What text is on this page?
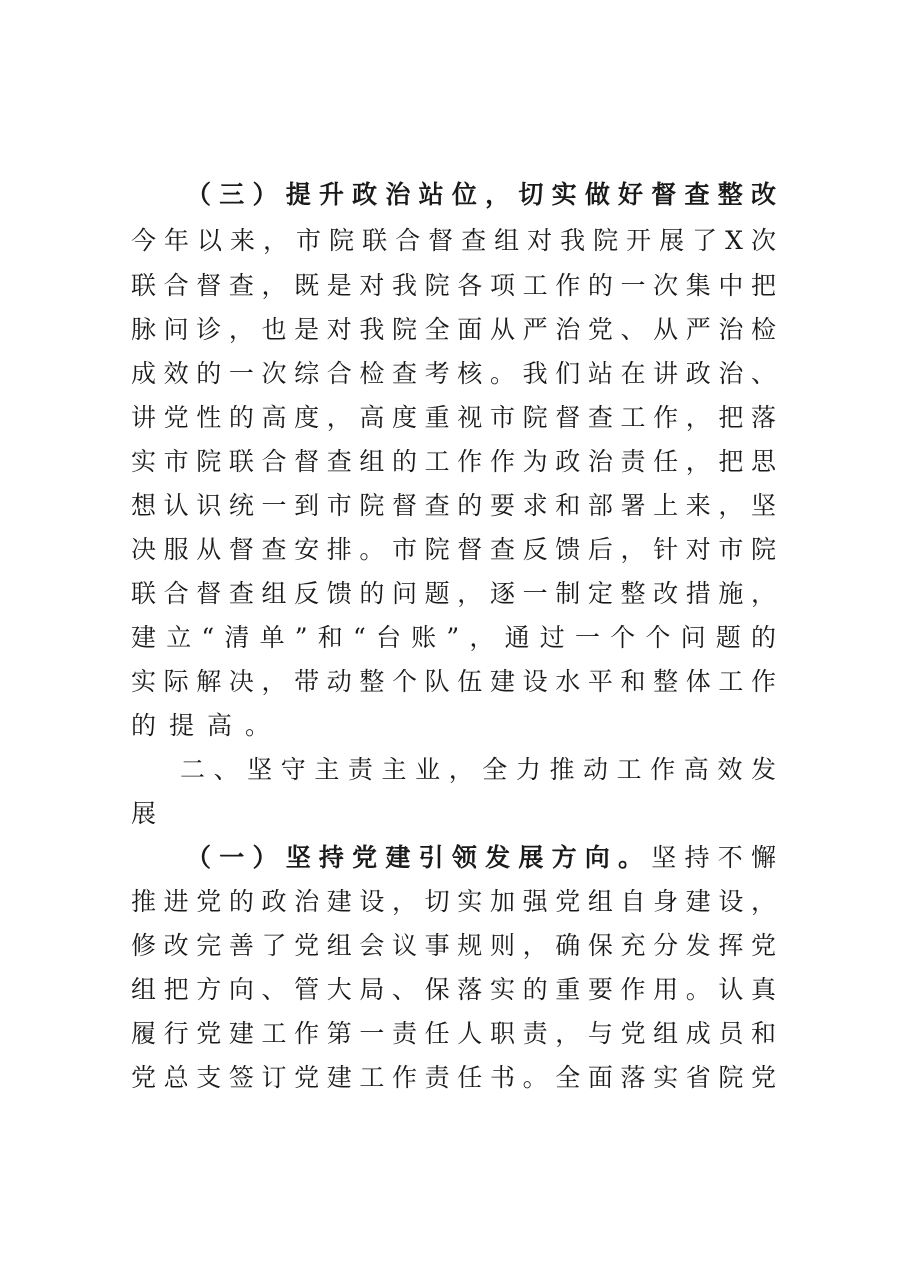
（三）提升政治站位，切实做好督查整改
今年以来，市院联合督查组对我院开展了X次
联合督查，既是对我院各项工作的一次集中把
脉问诊，也是对我院全面从严治党、从严治检
成效的一次综合检查考核。我们站在讲政治、
讲党性的高度，高度重视市院督查工作，把落
实市院联合督查组的工作作为政治责任，把思
想认识统一到市院督查的要求和部署上来，坚
决服从督查安排。市院督查反馈后，针对市院
联合督查组反馈的问题，逐一制定整改措施，
建立“清单”和“台账”，通过一个个问题的
实际解决，带动整个队伍建设水平和整体工作
的提高。
二、坚守主责主业，全力推动工作高效发
展
（一）坚持党建引领发展方向。坚持不懈
推进党的政治建设，切实加强党组自身建设，
修改完善了党组会议事规则，确保充分发挥党
组把方向、管大局、保落实的重要作用。认真
履行党建工作第一责任人职责，与党组成员和
党总支签订党建工作责任书。全面落实省院党
